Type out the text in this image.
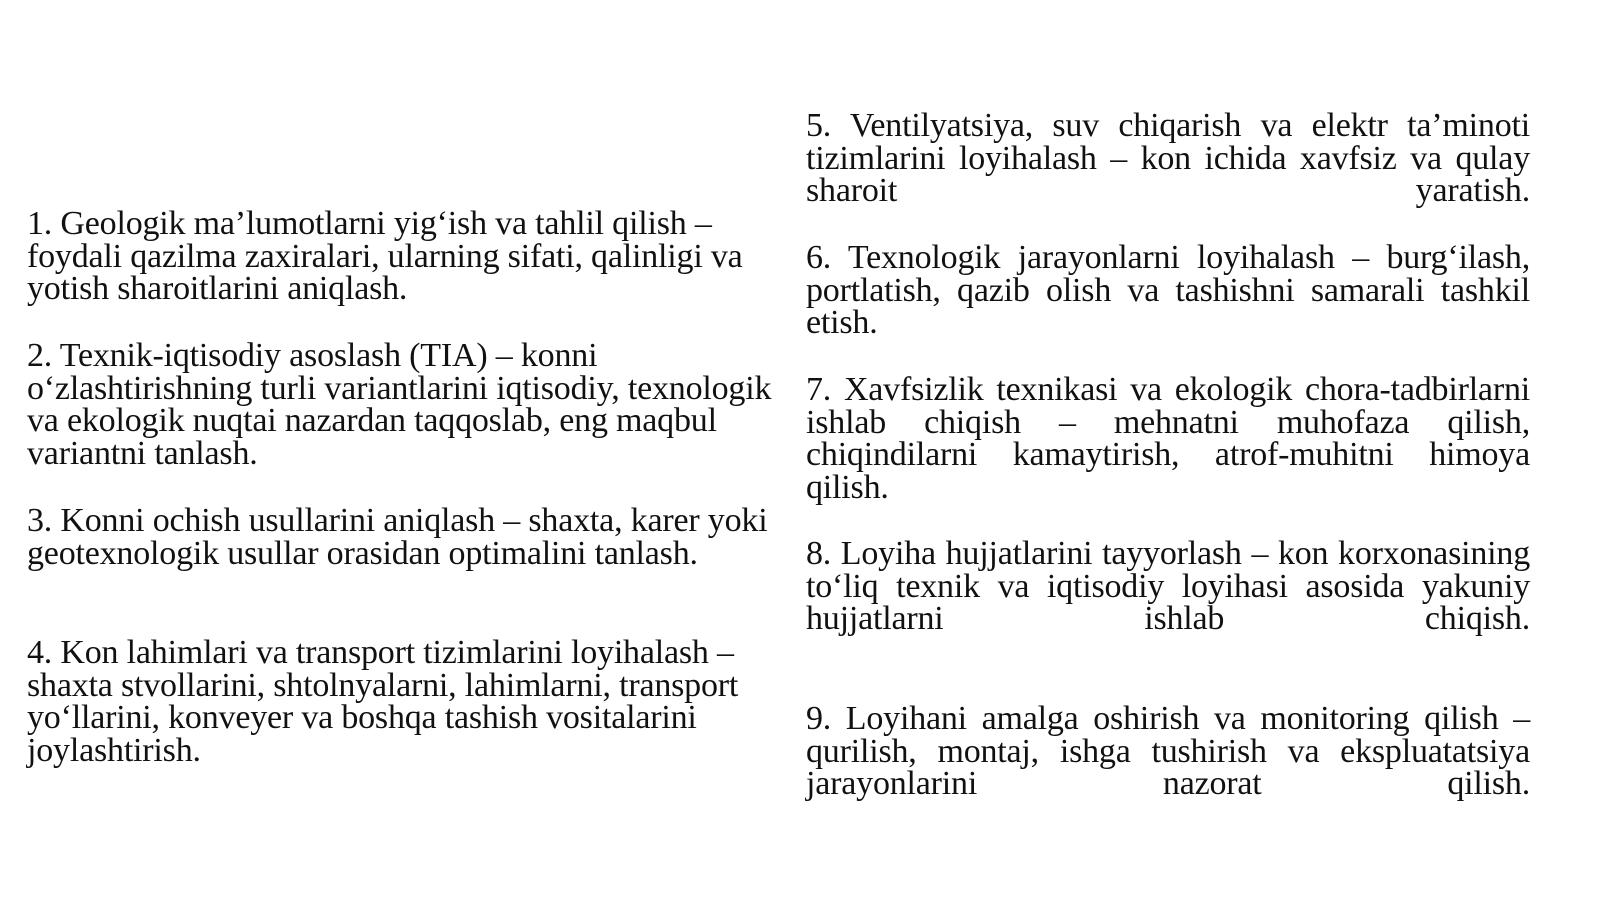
1. Geologik ma’lumotlarni yig‘ish va tahlil qilish – foydali qazilma zaxiralari, ularning sifati, qalinligi va yotish sharoitlarini aniqlash.

2. Texnik-iqtisodiy asoslash (TIA) – konni o‘zlashtirishning turli variantlarini iqtisodiy, texnologik va ekologik nuqtai nazardan taqqoslab, eng maqbul variantni tanlash.

3. Konni ochish usullarini aniqlash – shaxta, karer yoki geotexnologik usullar orasidan optimalini tanlash.

4. Kon lahimlari va transport tizimlarini loyihalash – shaxta stvollarini, shtolnyalarni, lahimlarni, transport yo‘llarini, konveyer va boshqa tashish vositalarini joylashtirish.

5. Ventilyatsiya, suv chiqarish va elektr ta’minoti tizimlarini loyihalash – kon ichida xavfsiz va qulay sharoit yaratish.

6. Texnologik jarayonlarni loyihalash – burg‘ilash, portlatish, qazib olish va tashishni samarali tashkil etish.

7. Xavfsizlik texnikasi va ekologik chora-tadbirlarni ishlab chiqish – mehnatni muhofaza qilish, chiqindilarni kamaytirish, atrof-muhitni himoya qilish.

8. Loyiha hujjatlarini tayyorlash – kon korxonasining to‘liq texnik va iqtisodiy loyihasi asosida yakuniy hujjatlarni ishlab chiqish.

9. Loyihani amalga oshirish va monitoring qilish – qurilish, montaj, ishga tushirish va ekspluatatsiya jarayonlarini nazorat qilish.
